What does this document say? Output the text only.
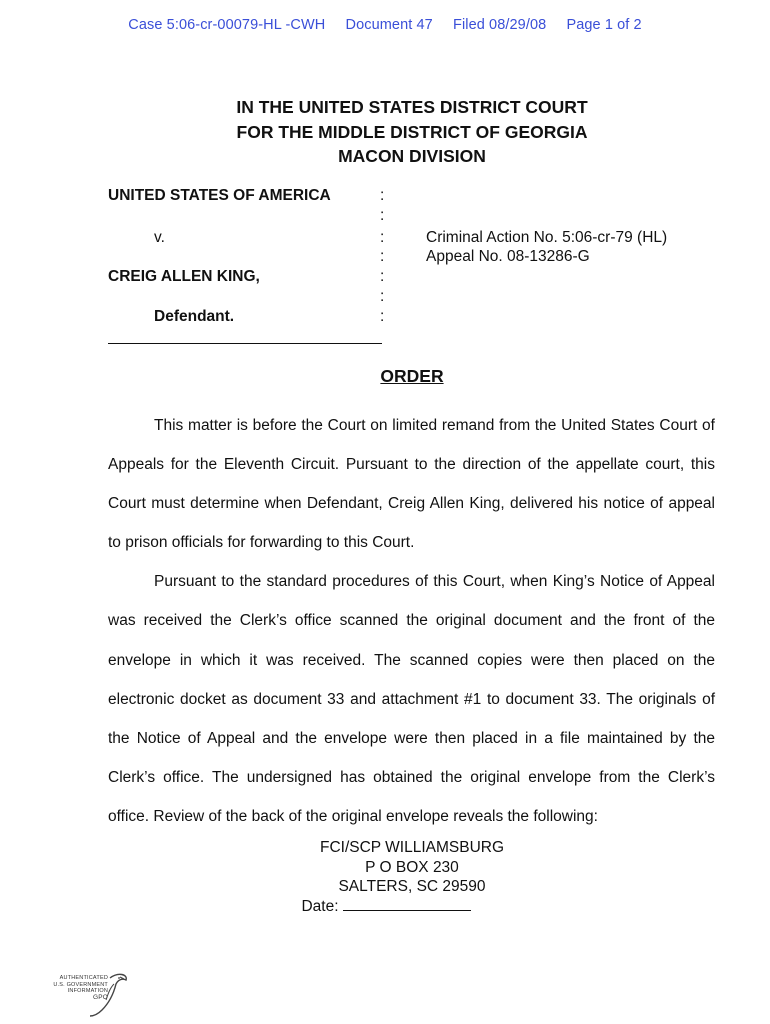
Case 5:06-cr-00079-HL -CWH Document 47 Filed 08/29/08 Page 1 of 2
IN THE UNITED STATES DISTRICT COURT
FOR THE MIDDLE DISTRICT OF GEORGIA
MACON DIVISION
UNITED STATES OF AMERICA
v.
CREIG ALLEN KING,
Defendant.
:
:
:
:
:
:
:
Criminal Action No. 5:06-cr-79 (HL)
Appeal No. 08-13286-G
ORDER

This matter is before the Court on limited remand from the United States Court of Appeals for the Eleventh Circuit. Pursuant to the direction of the appellate court, this Court must determine when Defendant, Creig Allen King, delivered his notice of appeal to prison officials for forwarding to this Court.

Pursuant to the standard procedures of this Court, when King’s Notice of Appeal was received the Clerk’s office scanned the original document and the front of the envelope in which it was received. The scanned copies were then placed on the electronic docket as document 33 and attachment #1 to document 33. The originals of the Notice of Appeal and the envelope were then placed in a file maintained by the Clerk’s office. The undersigned has obtained the original envelope from the Clerk’s office. Review of the back of the original envelope reveals the following:

FCI/SCP WILLIAMSBURG
P O BOX 230
SALTERS, SC 29590
Date:
AUTHENTICATED
U.S. GOVERNMENT
INFORMATION
GPO
